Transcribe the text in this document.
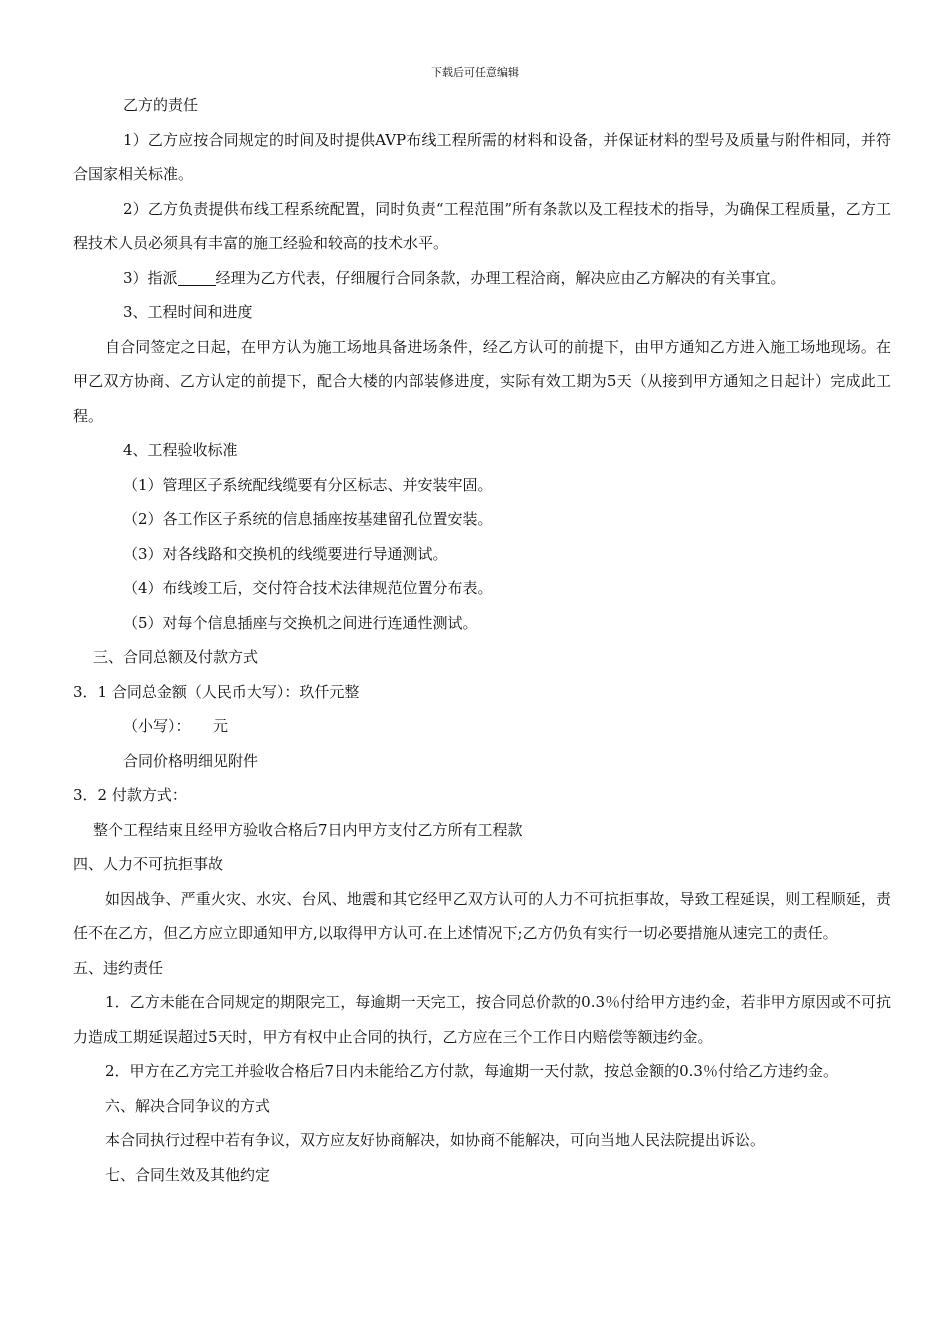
下载后可任意编辑

乙方的责任

1）乙方应按合同规定的时间及时提供AVP布线工程所需的材料和设备，并保证材料的型号及质量与附件相同，并符合国家相关标准。

2）乙方负责提供布线工程系统配置，同时负责“工程范围”所有条款以及工程技术的指导，为确保工程质量，乙方工程技术人员必须具有丰富的施工经验和较高的技术水平。

3）指派	经理为乙方代表，仔细履行合同条款，办理工程洽商，解决应由乙方解决的有关事宜。

3、工程时间和进度

自合同签定之日起，在甲方认为施工场地具备进场条件，经乙方认可的前提下，由甲方通知乙方进入施工场地现场。在甲乙双方协商、乙方认定的前提下，配合大楼的内部装修进度，实际有效工期为5天（从接到甲方通知之日起计）完成此工程。

4、工程验收标准

（1）管理区子系统配线缆要有分区标志、并安装牢固。

（2）各工作区子系统的信息插座按基建留孔位置安装。

（3）对各线路和交换机的线缆要进行导通测试。

（4）布线竣工后，交付符合技术法律规范位置分布表。

（5）对每个信息插座与交换机之间进行连通性测试。

三、合同总额及付款方式

3．1 合同总金额（人民币大写）：玖仟元整

（小写）：　　元

合同价格明细见附件

3．2 付款方式：

整个工程结束且经甲方验收合格后7日内甲方支付乙方所有工程款

四、人力不可抗拒事故

如因战争、严重火灾、水灾、台风、地震和其它经甲乙双方认可的人力不可抗拒事故，导致工程延误，则工程顺延，责任不在乙方，但乙方应立即通知甲方,以取得甲方认可.在上述情况下;乙方仍负有实行一切必要措施从速完工的责任。

五、违约责任

1．乙方未能在合同规定的期限完工，每逾期一天完工，按合同总价款的0.3％付给甲方违约金，若非甲方原因或不可抗力造成工期延误超过5天时，甲方有权中止合同的执行，乙方应在三个工作日内赔偿等额违约金。

2．甲方在乙方完工并验收合格后7日内未能给乙方付款，每逾期一天付款，按总金额的0.3％付给乙方违约金。

六、解决合同争议的方式

本合同执行过程中若有争议，双方应友好协商解决，如协商不能解决，可向当地人民法院提出诉讼。

七、合同生效及其他约定
